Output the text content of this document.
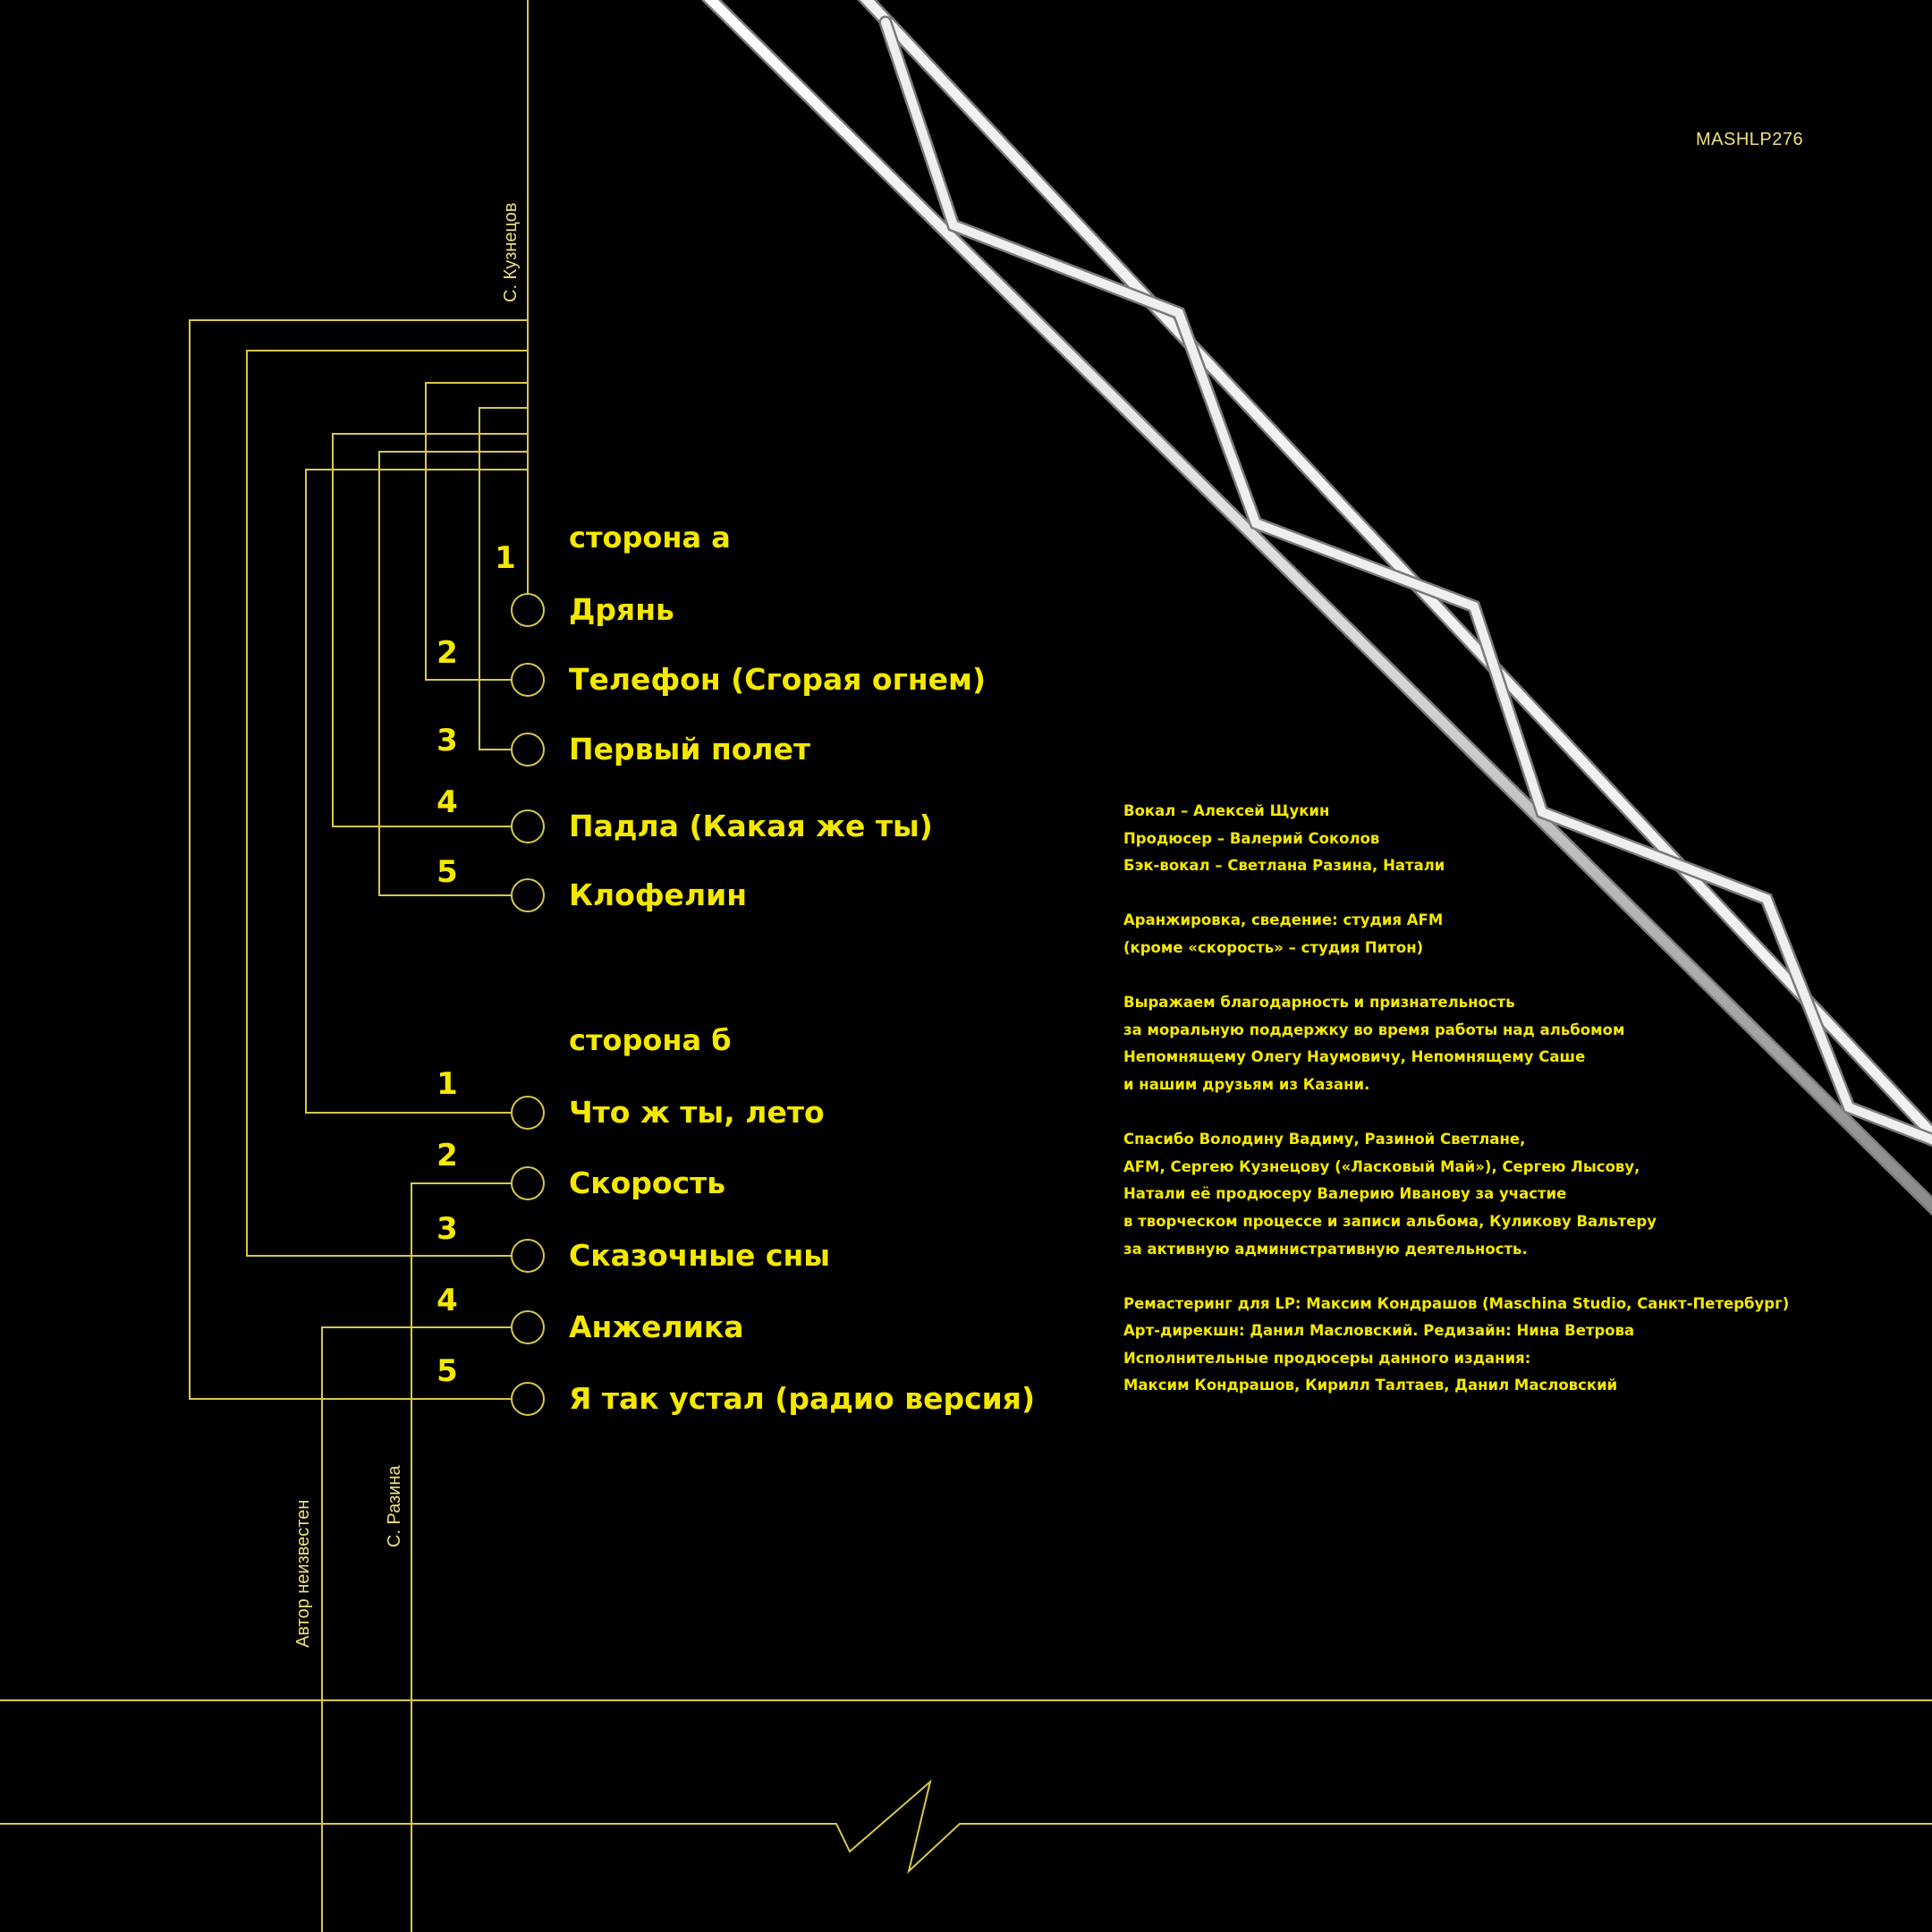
MASHLP276
С. Кузнецов
С. Разина
Автор неизвестен
сторона а
1
Дрянь
2
Телефон (Сгорая огнем)
3	Первый полет
4
Падла (Какая же ты)
5
Клофелин
сторона б
1
Что ж ты, лето
2
Скорость
3
Сказочные сны
4
Анжелика
5
Я так устал (радио версия)
Вокал – Алексей Щукин
Продюсер – Валерий Соколов
Бэк-вокал – Светлана Разина, Натали
Аранжировка, сведение: студия AFM
(кроме «скорость» – студия Питон)
Выражаем благодарность и признательность
за моральную поддержку во время работы над альбомом
Непомнящему Олегу Наумовичу, Непомнящему Саше
и нашим друзьям из Казани.
Спасибо Володину Вадиму, Разиной Светлане,
AFM, Сергею Кузнецову («Ласковый Май»), Сергею Лысову,
Натали её продюсеру Валерию Иванову за участие
в творческом процессе и записи альбома, Куликову Вальтеру
за активную административную деятельность.
Ремастеринг для LP: Максим Кондрашов (Maschina Studio, Санкт-Петербург)
Арт-дирекшн: Данил Масловский. Редизайн: Нина Ветрова
Исполнительные продюсеры данного издания:
Максим Кондрашов, Кирилл Талтаев, Данил Масловский
